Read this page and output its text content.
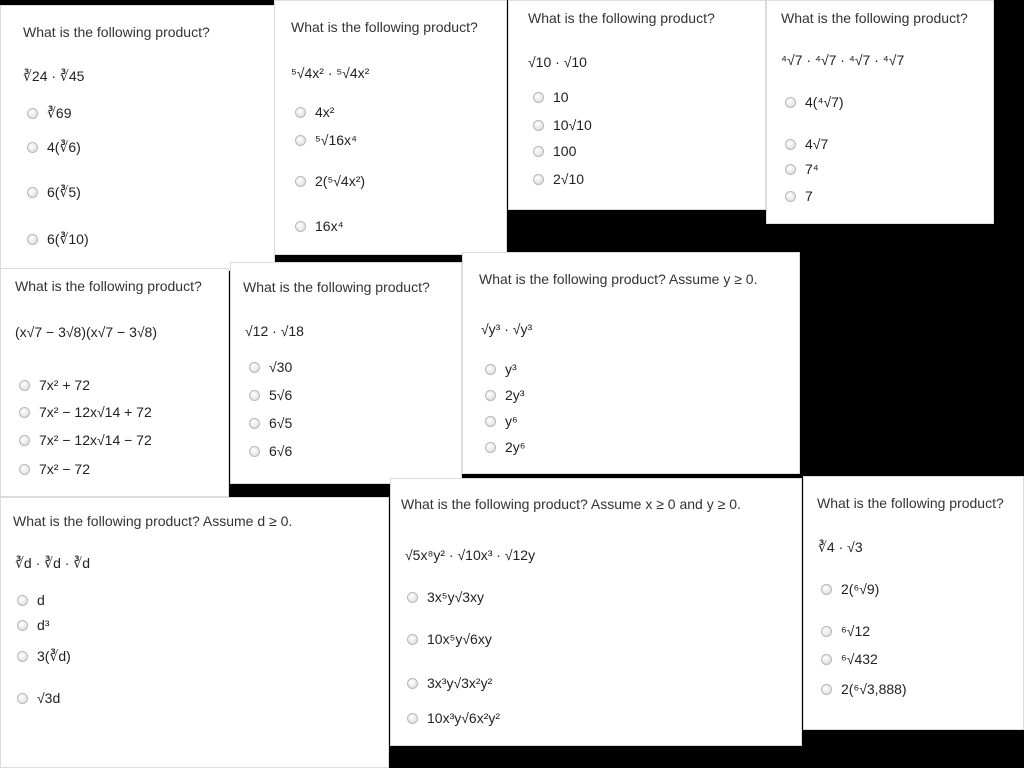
What is the following product?
∛24 · ∛45
∛69
4(∛6)
6(∛5)
6(∛10)
What is the following product?
⁵√4x² · ⁵√4x²
4x²
⁵√16x⁴
2(⁵√4x²)
16x⁴
What is the following product?
√10 · √10
10
10√10
100
2√10
What is the following product?
⁴√7 · ⁴√7 · ⁴√7 · ⁴√7
4(⁴√7)
4√7
7⁴
7
What is the following product?
(x√7 − 3√8)(x√7 − 3√8)
7x² + 72
7x² − 12x√14 + 72
7x² − 12x√14 − 72
7x² − 72
What is the following product?
√12 · √18
√30
5√6
6√5
6√6
What is the following product? Assume y ≥ 0.
√y³ · √y³
y³
2y³
y⁶
2y⁶
What is the following product? Assume d ≥ 0.
∛d · ∛d · ∛d
d
d³
3(∛d)
√3d
What is the following product? Assume x ≥ 0 and y ≥ 0.
√5x⁸y² · √10x³ · √12y
3x⁵y√3xy
10x⁵y√6xy
3x³y√3x²y²
10x³y√6x²y²
What is the following product?
∛4 · √3
2(⁶√9)
⁶√12
⁶√432
2(⁶√3,888)
